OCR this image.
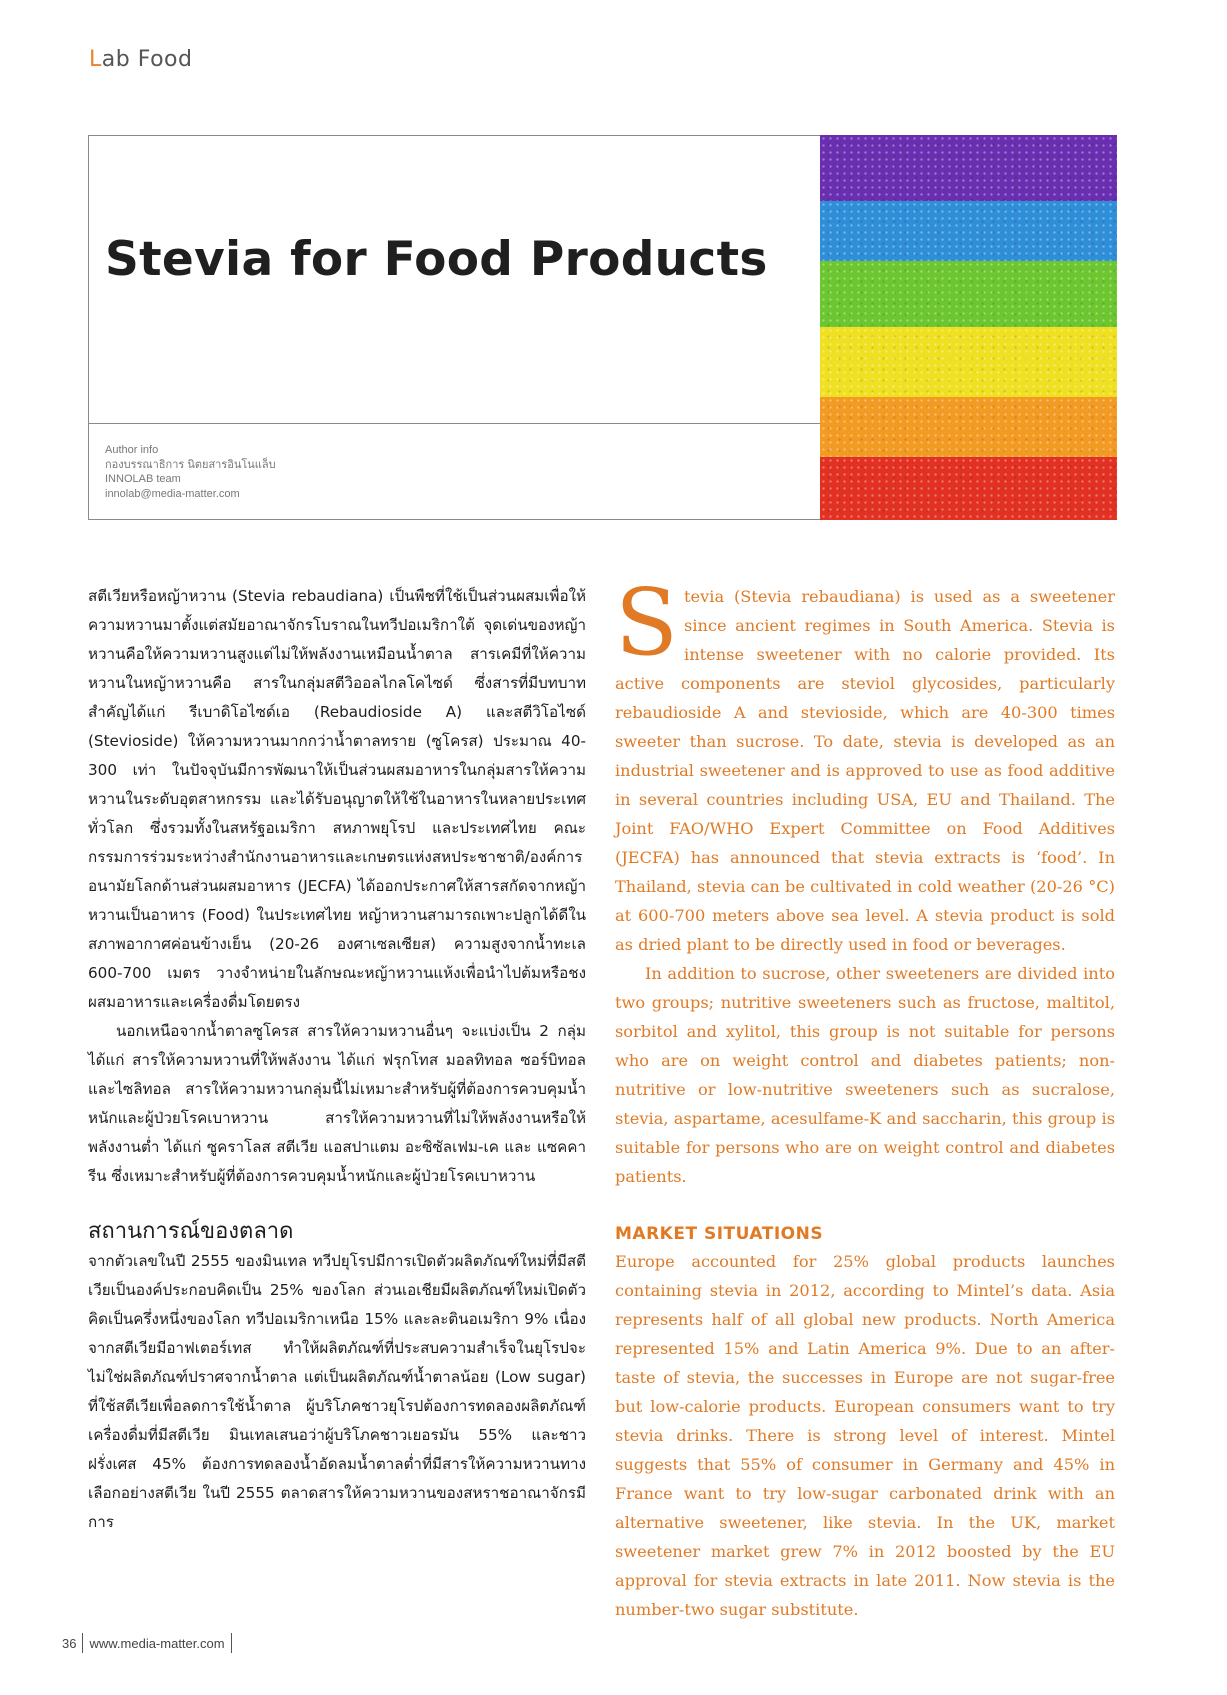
Lab Food
Stevia for Food Products
Author info
กองบรรณาธิการ นิตยสารอินโนแล็บ
INNOLAB team
innolab@media-matter.com

สตีเวียหรือหญ้าหวาน (Stevia rebaudiana) เป็นพืชที่ใช้เป็นส่วนผสมเพื่อให้ความหวานมาตั้งแต่สมัยอาณาจักรโบราณในทวีปอเมริกาใต้ จุดเด่นของหญ้าหวานคือให้ความหวานสูงแต่ไม่ให้พลังงานเหมือนน้ำตาล สารเคมีที่ให้ความหวานในหญ้าหวานคือ สารในกลุ่มสตีวิออลไกลโคไซด์ ซึ่งสารที่มีบทบาทสำคัญได้แก่ รีเบาดิโอไซด์เอ (Rebaudioside A) และสตีวิโอไซด์ (Stevioside) ให้ความหวานมากกว่าน้ำตาลทราย (ซูโครส) ประมาณ 40-300 เท่า ในปัจจุบันมีการพัฒนาให้เป็นส่วนผสมอาหารในกลุ่มสารให้ความหวานในระดับอุตสาหกรรม และได้รับอนุญาตให้ใช้ในอาหารในหลายประเทศทั่วโลก ซึ่งรวมทั้งในสหรัฐอเมริกา สหภาพยุโรป และประเทศไทย คณะกรรมการร่วมระหว่างสำนักงานอาหารและเกษตรแห่งสหประชาชาติ/องค์การอนามัยโลกด้านส่วนผสมอาหาร (JECFA) ได้ออกประกาศให้สารสกัดจากหญ้าหวานเป็นอาหาร (Food) ในประเทศไทย หญ้าหวานสามารถเพาะปลูกได้ดีในสภาพอากาศค่อนข้างเย็น (20-26 องศาเซลเซียส) ความสูงจากน้ำทะเล 600-700 เมตร วางจำหน่ายในลักษณะหญ้าหวานแห้งเพื่อนำไปต้มหรือชงผสมอาหารและเครื่องดื่มโดยตรง

นอกเหนือจากน้ำตาลซูโครส สารให้ความหวานอื่นๆ จะแบ่งเป็น 2 กลุ่ม ได้แก่ สารให้ความหวานที่ให้พลังงาน ได้แก่ ฟรุกโทส มอลทิทอล ซอร์บิทอล และไซลิทอล สารให้ความหวานกลุ่มนี้ไม่เหมาะสำหรับผู้ที่ต้องการควบคุมน้ำหนักและผู้ป่วยโรคเบาหวาน สารให้ความหวานที่ไม่ให้พลังงานหรือให้พลังงานต่ำ ได้แก่ ซูคราโลส สตีเวีย แอสปาแตม อะซิซัลเฟม-เค และ แซคคารีน ซึ่งเหมาะสำหรับผู้ที่ต้องการควบคุมน้ำหนักและผู้ป่วยโรคเบาหวาน

สถานการณ์ของตลาด

จากตัวเลขในปี 2555 ของมินเทล ทวีปยุโรปมีการเปิดตัวผลิตภัณฑ์ใหม่ที่มีสตีเวียเป็นองค์ประกอบคิดเป็น 25% ของโลก ส่วนเอเชียมีผลิตภัณฑ์ใหม่เปิดตัวคิดเป็นครึ่งหนึ่งของโลก ทวีปอเมริกาเหนือ 15% และละตินอเมริกา 9% เนื่องจากสตีเวียมีอาฟเตอร์เทส ทำให้ผลิตภัณฑ์ที่ประสบความสำเร็จในยุโรปจะไม่ใช่ผลิตภัณฑ์ปราศจากน้ำตาล แต่เป็นผลิตภัณฑ์น้ำตาลน้อย (Low sugar) ที่ใช้สตีเวียเพื่อลดการใช้น้ำตาล ผู้บริโภคชาวยุโรปต้องการทดลองผลิตภัณฑ์เครื่องดื่มที่มีสตีเวีย มินเทลเสนอว่าผู้บริโภคชาวเยอรมัน 55% และชาวฝรั่งเศส 45% ต้องการทดลองน้ำอัดลมน้ำตาลต่ำที่มีสารให้ความหวานทางเลือกอย่างสตีเวีย ในปี 2555 ตลาดสารให้ความหวานของสหราชอาณาจักรมีการ

Stevia (Stevia rebaudiana) is used as a sweetener since ancient regimes in South America. Stevia is intense sweetener with no calorie provided. Its active components are steviol glycosides, particularly rebaudioside A and stevioside, which are 40-300 times sweeter than sucrose. To date, stevia is developed as an industrial sweetener and is approved to use as food additive in several countries including USA, EU and Thailand. The Joint FAO/WHO Expert Committee on Food Additives (JECFA) has announced that stevia extracts is ‘food’. In Thailand, stevia can be cultivated in cold weather (20-26 °C) at 600-700 meters above sea level. A stevia product is sold as dried plant to be directly used in food or beverages.

In addition to sucrose, other sweeteners are divided into two groups; nutritive sweeteners such as fructose, maltitol, sorbitol and xylitol, this group is not suitable for persons who are on weight control and diabetes patients; non-nutritive or low-nutritive sweeteners such as sucralose, stevia, aspartame, acesulfame-K and saccharin, this group is suitable for persons who are on weight control and diabetes patients.

MARKET SITUATIONS

Europe accounted for 25% global products launches containing stevia in 2012, according to Mintel’s data. Asia represents half of all global new products. North America represented 15% and Latin America 9%. Due to an after-taste of stevia, the successes in Europe are not sugar-free but low-calorie products. European consumers want to try stevia drinks. There is strong level of interest. Mintel suggests that 55% of consumer in Germany and 45% in France want to try low-sugar carbonated drink with an alternative sweetener, like stevia. In the UK, market sweetener market grew 7% in 2012 boosted by the EU approval for stevia extracts in late 2011. Now stevia is the number-two sugar substitute.

36 www.media-matter.com
